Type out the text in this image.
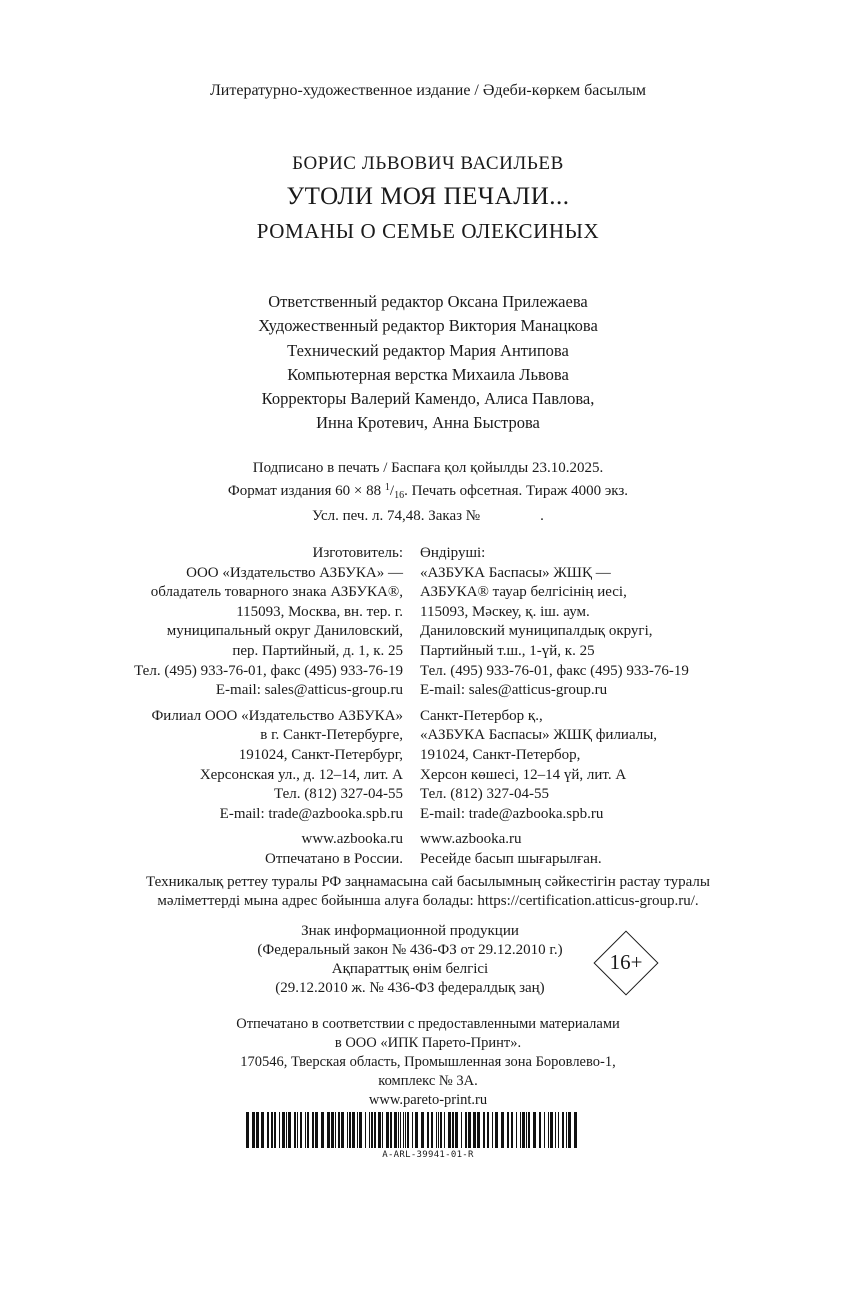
Литературно-художественное издание / Әдеби-көркем басылым
БОРИС ЛЬВОВИЧ ВАСИЛЬЕВ
УТОЛИ МОЯ ПЕЧАЛИ...
РОМАНЫ О СЕМЬЕ ОЛЕКСИНЫХ
Ответственный редактор Оксана Прилежаева
Художественный редактор Виктория Манацкова
Технический редактор Мария Антипова
Компьютерная верстка Михаила Львова
Корректоры Валерий Камендо, Алиса Павлова,
Инна Кротевич, Анна Быстрова
Подписано в печать / Баспаға қол қойылды 23.10.2025.
Формат издания 60 × 88 $^1/_{16}$. Печать офсетная. Тираж 4000 экз.
Усл. печ. л. 74,48. Заказ №                .
Изготовитель:
ООО «Издательство АЗБУКА» —
обладатель товарного знака АЗБУКА®,
115093, Москва, вн. тер. г.
муниципальный округ Даниловский,
пер. Партийный, д. 1, к. 25
Тел. (495) 933-76-01, факс (495) 933-76-19
E-mail: sales@atticus-group.ru
Филиал ООО «Издательство АЗБУКА»
в г. Санкт-Петербурге,
191024, Санкт-Петербург,
Херсонская ул., д. 12–14, лит. А
Тел. (812) 327-04-55
E-mail: trade@azbooka.spb.ru
www.azbooka.ru
Отпечатано в России.
Өндіруші:
«АЗБУКА Баспасы» ЖШҚ —
АЗБУКА® тауар белгісінің иесі,
115093, Мәскеу, қ. іш. аум.
Даниловский муниципалдық округі,
Партийный т.ш., 1-үй, к. 25
Тел. (495) 933-76-01, факс (495) 933-76-19
E-mail: sales@atticus-group.ru
Санкт-Петербор қ.,
«АЗБУКА Баспасы» ЖШҚ филиалы,
191024, Санкт-Петербор,
Херсон көшесі, 12–14 үй, лит. А
Тел. (812) 327-04-55
E-mail: trade@azbooka.spb.ru
www.azbooka.ru
Ресейде басып шығарылған.
Техникалық реттеу туралы РФ заңнамасына сай басылымның сәйкестігін растау туралы
мәліметтерді мына адрес бойынша алуға болады: https://certification.atticus-group.ru/.
Знак информационной продукции
(Федеральный закон № 436-ФЗ от 29.12.2010 г.)
Ақпараттық өнім белгісі
(29.12.2010 ж. № 436-ФЗ федералдық заң)
16+
Отпечатано в соответствии с предоставленными материалами
в ООО «ИПК Парето-Принт».
170546, Тверская область, Промышленная зона Боровлево-1,
комплекс № 3А.
www.pareto-print.ru
A-ARL-39941-01-R
